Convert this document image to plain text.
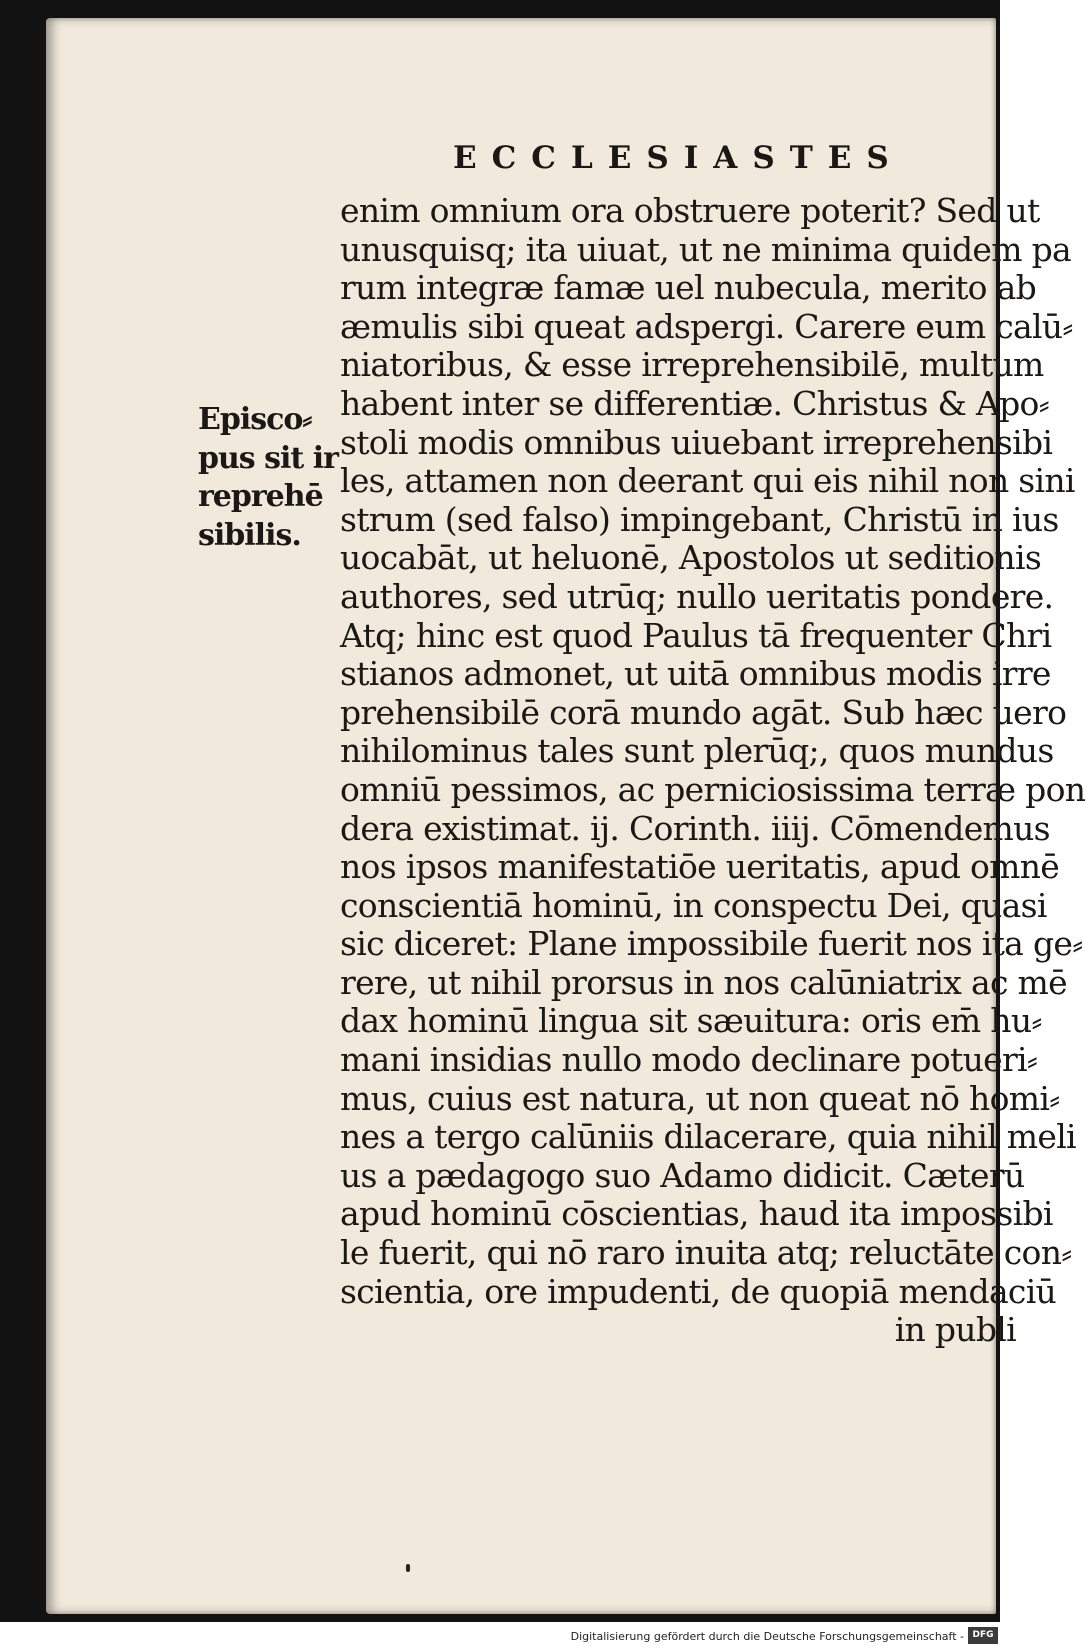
ECCLESIASTES
Episco⸗
pus sit ir
reprehē
sibilis.
enim omnium ora obstruere poterit? Sed ut
unusquisq; ita uiuat, ut ne minima quidem pa
rum integræ famæ uel nubecula, merito ab
æmulis sibi queat adspergi. Carere eum calū⸗
niatoribus, & esse irreprehensibilē, multum
habent inter se differentiæ. Christus & Apo⸗
stoli modis omnibus uiuebant irreprehensibi
les, attamen non deerant qui eis nihil non sini
strum (sed falso) impingebant, Christū in ius
uocabāt, ut heluonē, Apostolos ut seditionis
authores, sed utrūq; nullo ueritatis pondere.
Atq; hinc est quod Paulus tā frequenter Chri
stianos admonet, ut uitā omnibus modis irre
prehensibilē corā mundo agāt. Sub hæc uero
nihilominus tales sunt plerūq;, quos mundus
omniū pessimos, ac perniciosissima terræ pon
dera existimat. ij. Corinth. iiij. Cōmendemus
nos ipsos manifestatiōe ueritatis, apud omnē
conscientiā hominū, in conspectu Dei, quasi
sic diceret: Plane impossibile fuerit nos ita ge⸗
rere, ut nihil prorsus in nos calūniatrix ac mē
dax hominū lingua sit sæuitura: oris em̄ hu⸗
mani insidias nullo modo declinare potueri⸗
mus, cuius est natura, ut non queat nō homi⸗
nes a tergo calūniis dilacerare, quia nihil meli
us a pædagogo suo Adamo didicit. Cæterū
apud hominū cōscientias, haud ita impossibi
le fuerit, qui nō raro inuita atq; reluctāte con⸗
scientia, ore impudenti, de quopiā mendaciū
in publi
Digitalisierung gefördert durch die Deutsche Forschungsgemeinschaft - DFG
